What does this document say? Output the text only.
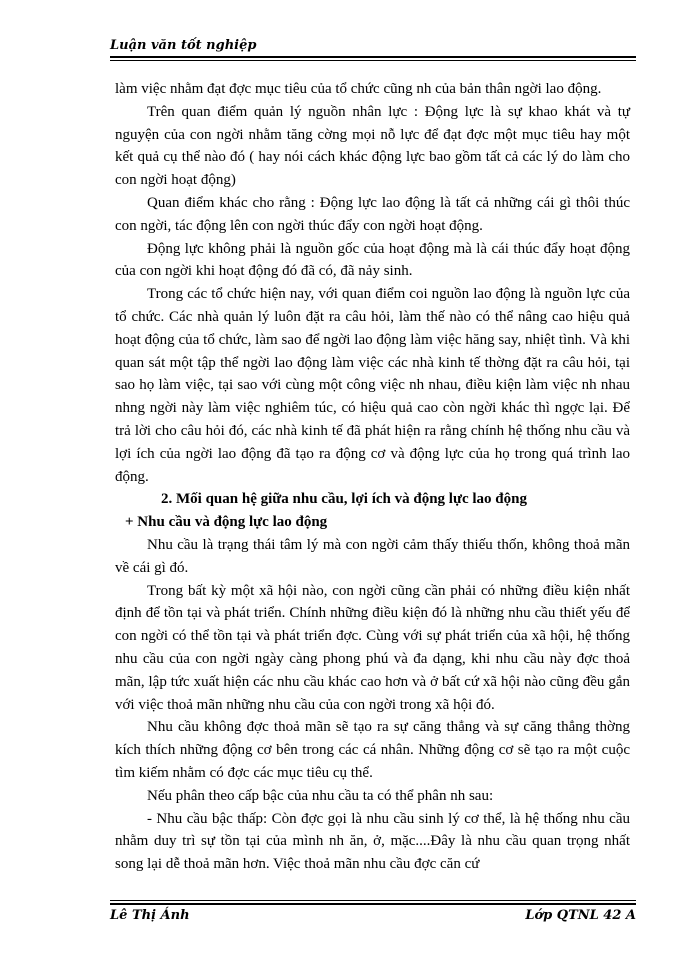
Luận văn tốt nghiệp

làm việc nhằm đạt đợc mục tiêu của tổ chức cũng nh của bản thân ngời lao động.

Trên quan điểm quản lý nguồn nhân lực : Động lực là sự khao khát và tự nguyện của con ngời nhằm tăng cờng mọi nỗ lực để đạt đợc một mục tiêu hay một kết quả cụ thể nào đó ( hay nói cách khác động lực bao gồm tất cả các lý do làm cho con ngời hoạt động)

Quan điểm khác cho rằng : Động lực lao động là tất cả những cái gì thôi thúc con ngời, tác động lên con ngời thúc đẩy con ngời hoạt động.

Động lực không phải là nguồn gốc của hoạt động mà là cái thúc đẩy hoạt động của con ngời khi hoạt động đó đã có, đã nảy sinh.

Trong các tổ chức hiện nay, với quan điểm coi nguồn lao động là nguồn lực của tổ chức. Các nhà quản lý luôn đặt ra câu hỏi, làm thế nào có thể nâng cao hiệu quả hoạt động của tổ chức, làm sao để ngời lao động làm việc hăng say, nhiệt tình. Và khi quan sát một tập thể ngời lao động làm việc các nhà kinh tế thờng đặt ra câu hỏi, tại sao họ làm việc, tại sao với cùng một công việc nh nhau, điều kiện làm việc nh nhau nhng ngời này làm việc nghiêm túc, có hiệu quả cao còn ngời khác thì ngợc lại. Để trả lời cho câu hỏi đó, các nhà kinh tế đã phát hiện ra rằng chính hệ thống nhu cầu và lợi ích của ngời lao động đã tạo ra động cơ và động lực của họ trong quá trình lao động.

2. Mối quan hệ giữa nhu cầu, lợi ích và động lực lao động

+ Nhu cầu và động lực lao động

Nhu cầu là trạng thái tâm lý mà con ngời cảm thấy thiếu thốn, không thoả mãn về cái gì đó.

Trong bất kỳ một xã hội nào, con ngời cũng cần phải có những điều kiện nhất định để tồn tại và phát triển. Chính những điều kiện đó là những nhu cầu thiết yếu để con ngời có thể tồn tại và phát triển đợc. Cùng với sự phát triển của xã hội, hệ thống nhu cầu của con ngời ngày càng phong phú và đa dạng, khi nhu cầu này đợc thoả mãn, lập tức xuất hiện các nhu cầu khác cao hơn và ở bất cứ xã hội nào cũng đều gắn với việc thoả mãn những nhu cầu của con ngời trong xã hội đó.

Nhu cầu không đợc thoả mãn sẽ tạo ra sự căng thẳng và sự căng thẳng thờng kích thích những động cơ bên trong các cá nhân. Những động cơ sẽ tạo ra một cuộc tìm kiếm nhằm có đợc các mục tiêu cụ thể.

Nếu phân theo cấp bậc của nhu cầu ta có thể phân nh sau:

- Nhu cầu bậc thấp: Còn đợc gọi là nhu cầu sinh lý cơ thể, là hệ thống nhu cầu nhằm duy trì sự tồn tại của mình nh ăn, ở, mặc....Đây là nhu cầu quan trọng nhất song lại dễ thoả mãn hơn. Việc thoả mãn nhu cầu đợc căn cứ

Lê Thị Ánh	Lớp QTNL 42 A
